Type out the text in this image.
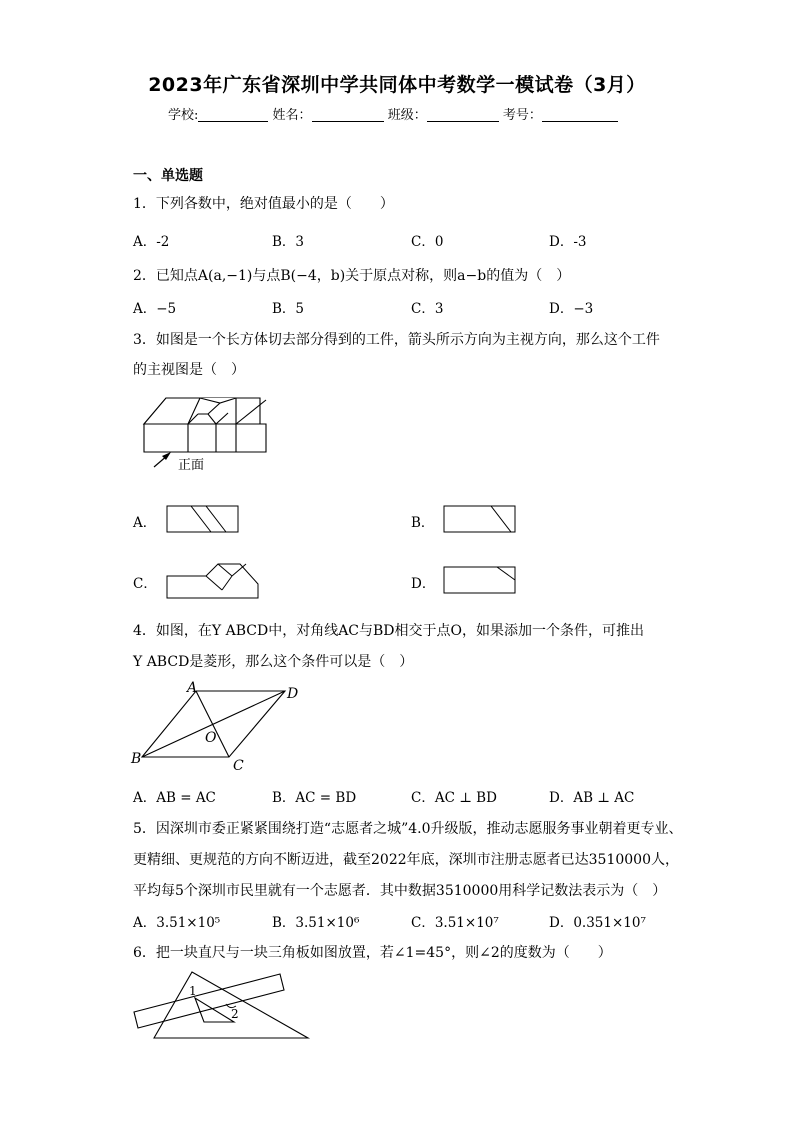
2023年广东省深圳中学共同体中考数学一模试卷（3月）
学校:	姓名：	班级：	考号：
一、单选题
1．下列各数中，绝对值最小的是（　　）
A．-2	B．3	C．0	D．-3
2．已知点A(a,−1)与点B(−4，b)关于原点对称，则a−b的值为（　）
A．−5	B．5	C．3	D．−3
3．如图是一个长方体切去部分得到的工件，箭头所示方向为主视方向，那么这个工件
的主视图是（　）
正面
A．	B．
C．	D．
4．如图，在Y ABCD中，对角线AC与BD相交于点O，如果添加一个条件，可推出
Y ABCD是菱形，那么这个条件可以是（　）
A	D
B	C
O
A．AB = AC	B．AC = BD	C．AC ⊥ BD	D．AB ⊥ AC
5．因深圳市委正紧紧围绕打造“志愿者之城”4.0升级版，推动志愿服务事业朝着更专业、
更精细、更规范的方向不断迈进，截至2022年底，深圳市注册志愿者已达3510000人，
平均每5个深圳市民里就有一个志愿者．其中数据3510000用科学记数法表示为（　）
A．3.51×10⁵	B．3.51×10⁶	C．3.51×10⁷	D．0.351×10⁷
6．把一块直尺与一块三角板如图放置，若∠1=45°，则∠2的度数为（　　）
1
2
